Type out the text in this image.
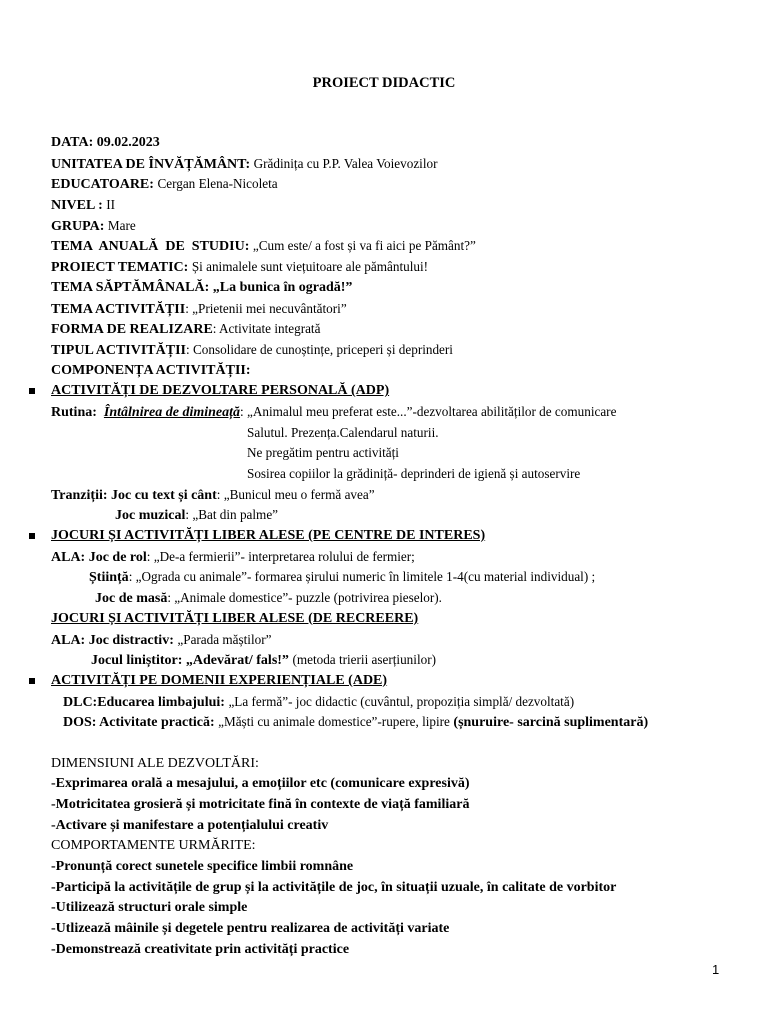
PROIECT DIDACTIC
DATA: 09.02.2023
UNITATEA DE ÎNVĂȚĂMÂNT: Grădinița cu P.P. Valea Voievozilor
EDUCATOARE: Cergan Elena-Nicoleta
NIVEL : II
GRUPA: Mare
TEMA  ANUALĂ  DE  STUDIU: „Cum este/ a fost și va fi aici pe Pământ?”
PROIECT TEMATIC: Și animalele sunt viețuitoare ale pământului!
TEMA SĂPTĂMÂNALĂ: „La bunica în ogradă!”
TEMA ACTIVITĂȚII: „Prietenii mei necuvântători”
FORMA DE REALIZARE: Activitate integrată
TIPUL ACTIVITĂȚII: Consolidare de cunoștințe, priceperi și deprinderi
COMPONENȚA ACTIVITĂȚII:
ACTIVITĂȚI DE DEZVOLTARE PERSONALĂ (ADP)
Rutina: Întâlnirea de dimineață: „Animalul meu preferat este...”-dezvoltarea abilităților de comunicare
Salutul. Prezența.Calendarul naturii.
Ne pregătim pentru activități
Sosirea copiilor la grădiniță- deprinderi de igienă și autoservire
Tranziții: Joc cu text și cânt: „Bunicul meu o fermă avea”
Joc muzical: „Bat din palme”
JOCURI ȘI ACTIVITĂȚI LIBER ALESE (PE CENTRE DE INTERES)
ALA: Joc de rol: „De-a fermierii”- interpretarea rolului de fermier;
Știință: „Ograda cu animale”- formarea șirului numeric în limitele 1-4(cu material individual) ;
Joc de masă: „Animale domestice”- puzzle (potrivirea pieselor).
JOCURI ȘI ACTIVITĂȚI LIBER ALESE (DE RECREERE)
ALA: Joc distractiv: „Parada măștilor”
Jocul liniștitor: „Adevărat/ fals!” (metoda trierii aserțiunilor)
ACTIVITĂȚI PE DOMENII EXPERIENȚIALE (ADE)
DLC:Educarea limbajului: „La fermă”- joc didactic (cuvântul, propoziția simplă/ dezvoltată)
DOS: Activitate practică: „Măști cu animale domestice”-rupere, lipire (șnuruire- sarcină suplimentară)
DIMENSIUNI ALE DEZVOLTĂRI:
-Exprimarea orală a mesajului, a emoțiilor etc (comunicare expresivă)
-Motricitatea grosieră și motricitate fină în contexte de viață familiară
-Activare și manifestare a potențialului creativ
COMPORTAMENTE URMĂRITE:
-Pronunță corect sunetele specifice limbii romnâne
-Participă la activitățile de grup și la activitățile de joc, în situații uzuale, în calitate de vorbitor
-Utilizează structuri orale simple
-Utlizează mâinile și degetele pentru realizarea de activități variate
-Demonstrează creativitate prin activități practice
1
